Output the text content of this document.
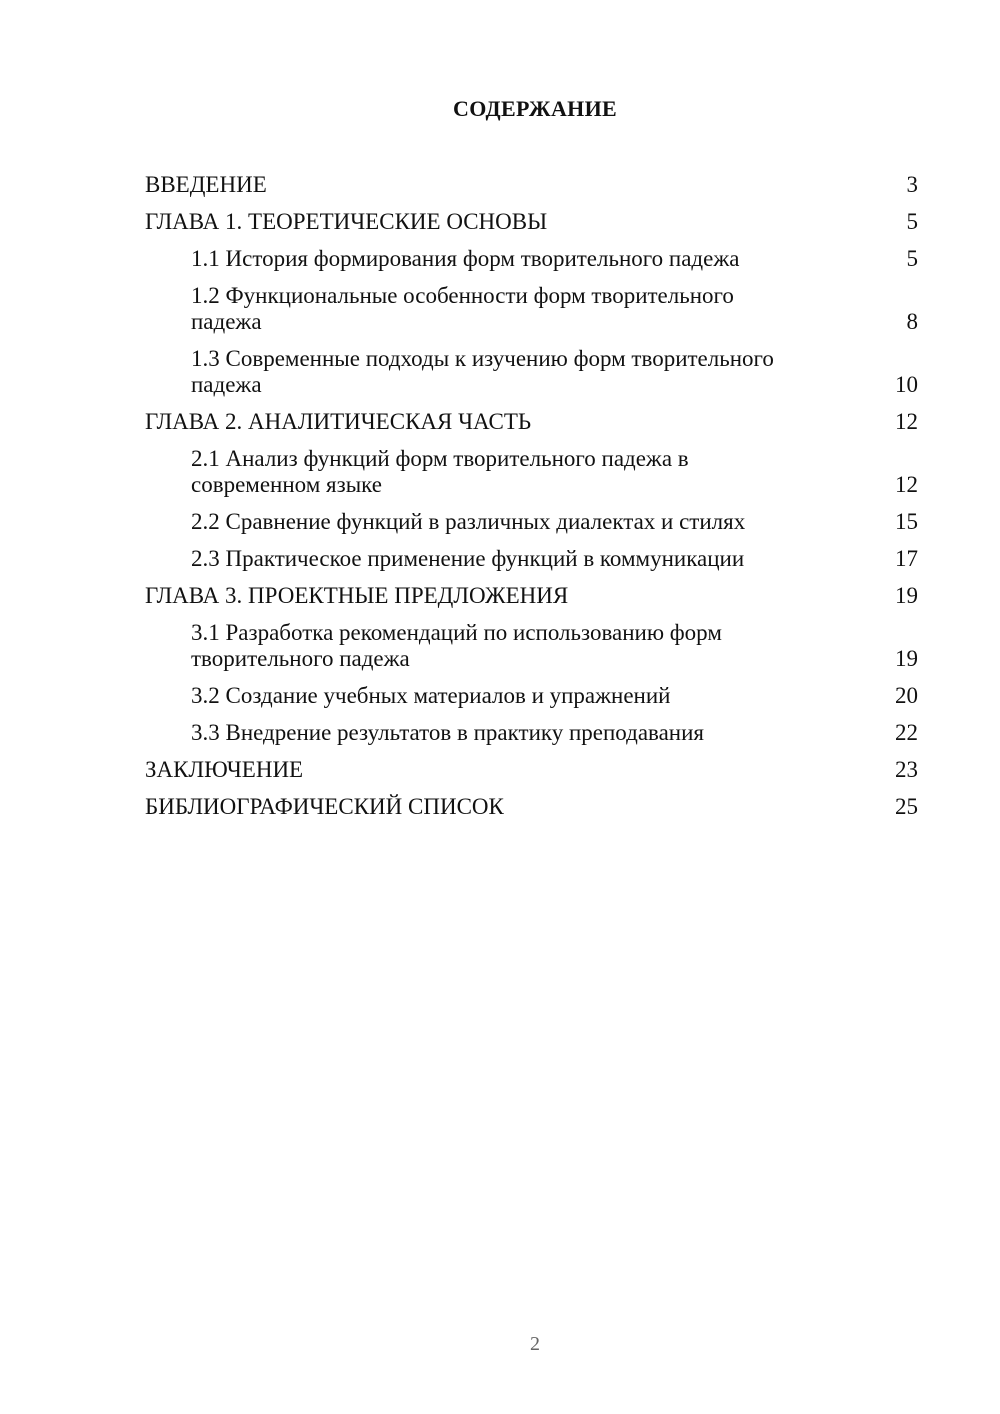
СОДЕРЖАНИЕ
ВВЕДЕНИЕ	3
ГЛАВА 1. ТЕОРЕТИЧЕСКИЕ ОСНОВЫ	5
1.1 История формирования форм творительного падежа	5
1.2 Функциональные особенности форм творительного падежа	8
1.3 Современные подходы к изучению форм творительного падежа	10
ГЛАВА 2. АНАЛИТИЧЕСКАЯ ЧАСТЬ	12
2.1 Анализ функций форм творительного падежа в современном языке	12
2.2 Сравнение функций в различных диалектах и стилях	15
2.3 Практическое применение функций в коммуникации	17
ГЛАВА 3. ПРОЕКТНЫЕ ПРЕДЛОЖЕНИЯ	19
3.1 Разработка рекомендаций по использованию форм творительного падежа	19
3.2 Создание учебных материалов и упражнений	20
3.3 Внедрение результатов в практику преподавания	22
ЗАКЛЮЧЕНИЕ	23
БИБЛИОГРАФИЧЕСКИЙ СПИСОК	25
2
